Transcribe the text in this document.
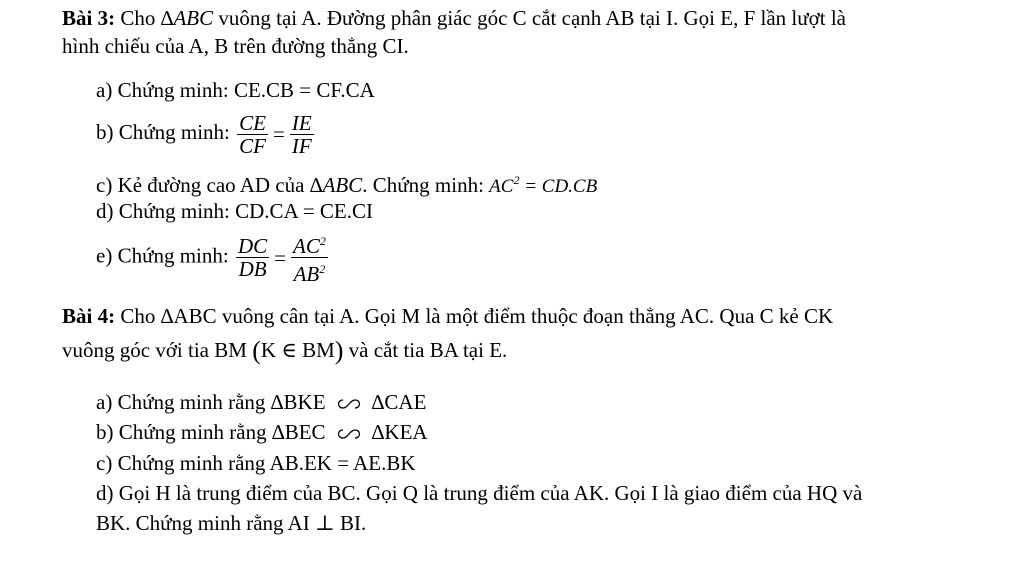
Bài 3: Cho ∆ABC vuông tại A. Đường phân giác góc C cắt cạnh AB tại I. Gọi E, F lần lượt là
hình chiếu của A, B trên đường thẳng CI.
a) Chứng minh: CE.CB = CF.CA
b) Chứng minh: $\frac{CE}{CF} = \frac{IE}{IF}$
c) Kẻ đường cao AD của ∆ABC. Chứng minh: $AC^2 = CD.CB$
d) Chứng minh: CD.CA = CE.CI
e) Chứng minh: $\frac{DC}{DB} = \frac{AC^2}{AB^2}$
Bài 4: Cho ∆ABC vuông cân tại A. Gọi M là một điểm thuộc đoạn thẳng AC. Qua C kẻ CK
vuông góc với tia BM (K ∈ BM) và cắt tia BA tại E.
a) Chứng minh rằng ∆BKE ∆CAE
b) Chứng minh rằng ∆BEC ∆KEA
c) Chứng minh rằng AB.EK = AE.BK
d) Gọi H là trung điểm của BC. Gọi Q là trung điểm của AK. Gọi I là giao điểm của HQ và
BK. Chứng minh rằng AI ⊥ BI.
